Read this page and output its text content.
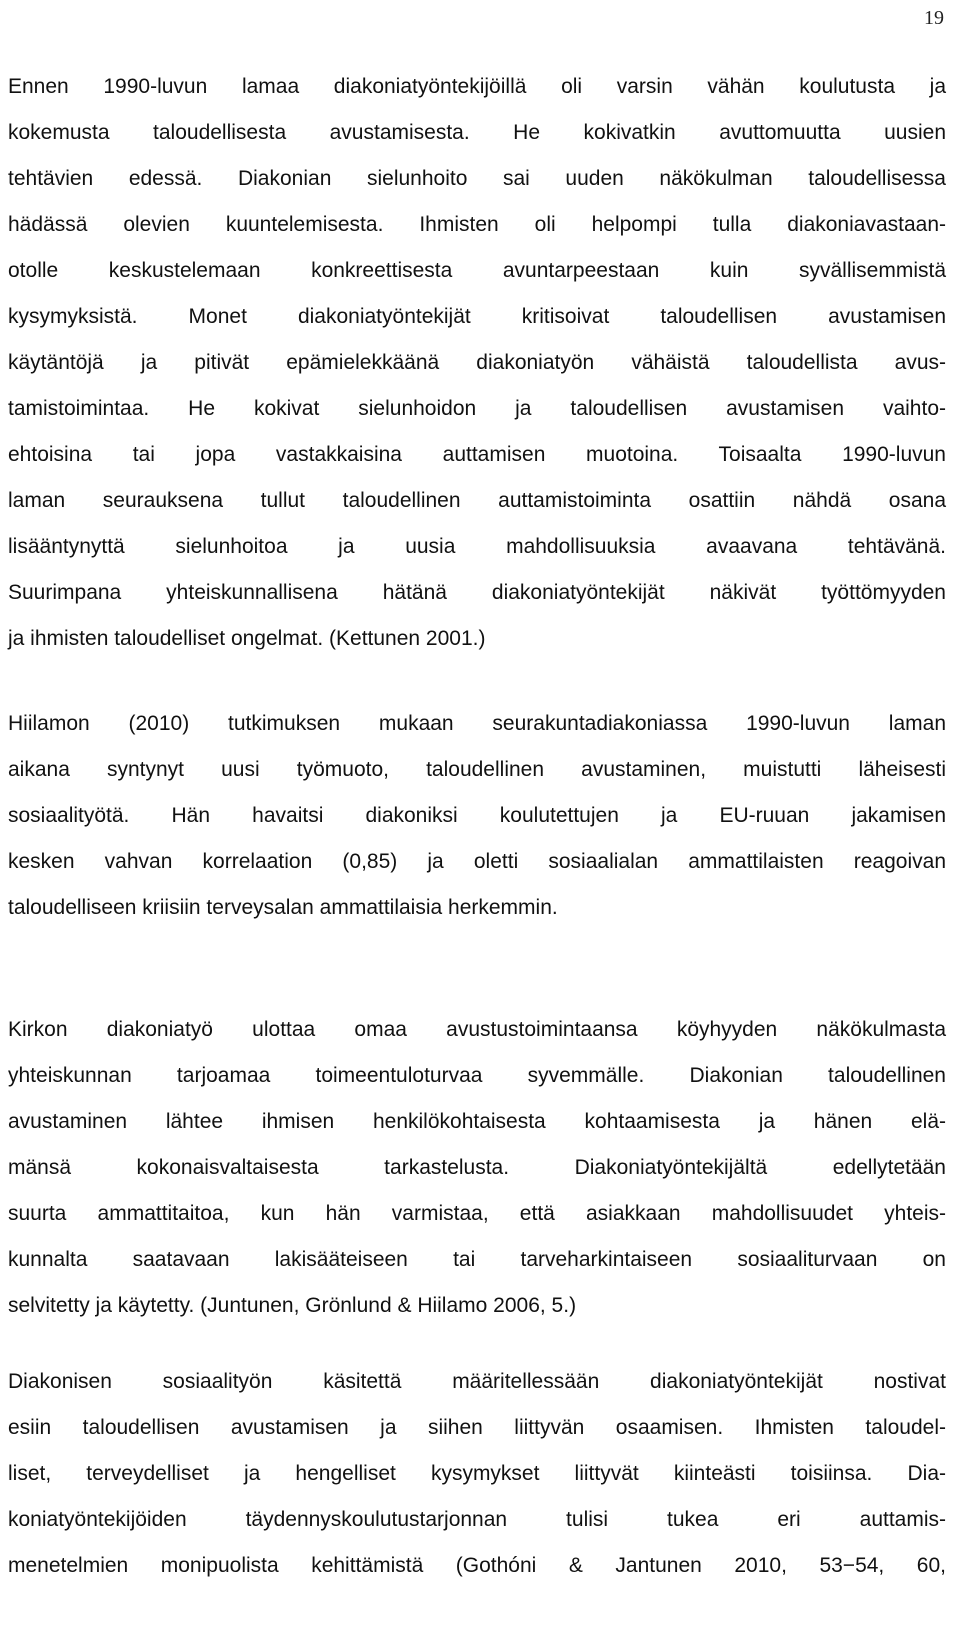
19
Ennen 1990-luvun lamaa diakoniatyöntekijöillä oli varsin vähän koulutusta ja
kokemusta taloudellisesta avustamisesta. He kokivatkin avuttomuutta uusien
tehtävien edessä. Diakonian sielunhoito sai uuden näkökulman taloudellisessa
hädässä olevien kuuntelemisesta. Ihmisten oli helpompi tulla diakoniavastaan-
otolle keskustelemaan konkreettisesta avuntarpeestaan kuin syvällisemmistä
kysymyksistä. Monet diakoniatyöntekijät kritisoivat taloudellisen avustamisen
käytäntöjä ja pitivät epämielekkäänä diakoniatyön vähäistä taloudellista avus-
tamistoimintaa. He kokivat sielunhoidon ja taloudellisen avustamisen vaihto-
ehtoisina tai jopa vastakkaisina auttamisen muotoina. Toisaalta 1990-luvun
laman seurauksena tullut taloudellinen auttamistoiminta osattiin nähdä osana
lisääntynyttä sielunhoitoa ja uusia mahdollisuuksia avaavana tehtävänä.
Suurimpana yhteiskunnallisena hätänä diakoniatyöntekijät näkivät työttömyyden
ja ihmisten taloudelliset ongelmat. (Kettunen 2001.)
Hiilamon (2010) tutkimuksen mukaan seurakuntadiakoniassa 1990-luvun laman
aikana syntynyt uusi työmuoto, taloudellinen avustaminen, muistutti läheisesti
sosiaalityötä. Hän havaitsi diakoniksi koulutettujen ja EU-ruuan jakamisen
kesken vahvan korrelaation (0,85) ja oletti sosiaalialan ammattilaisten reagoivan
taloudelliseen kriisiin terveysalan ammattilaisia herkemmin.
Kirkon diakoniatyö ulottaa omaa avustustoimintaansa köyhyyden näkökulmasta
yhteiskunnan tarjoamaa toimeentuloturvaa syvemmälle. Diakonian taloudellinen
avustaminen lähtee ihmisen henkilökohtaisesta kohtaamisesta ja hänen elä-
mänsä kokonaisvaltaisesta tarkastelusta. Diakoniatyöntekijältä edellytetään
suurta ammattitaitoa, kun hän varmistaa, että asiakkaan mahdollisuudet yhteis-
kunnalta saatavaan lakisääteiseen tai tarveharkintaiseen sosiaaliturvaan on
selvitetty ja käytetty. (Juntunen, Grönlund & Hiilamo 2006, 5.)
Diakonisen sosiaalityön käsitettä määritellessään diakoniatyöntekijät nostivat
esiin taloudellisen avustamisen ja siihen liittyvän osaamisen. Ihmisten taloudel-
liset, terveydelliset ja hengelliset kysymykset liittyvät kiinteästi toisiinsa. Dia-
koniatyöntekijöiden täydennyskoulutustarjonnan tulisi tukea eri auttamis-
menetelmien monipuolista kehittämistä (Gothóni & Jantunen 2010, 53−54, 60,
